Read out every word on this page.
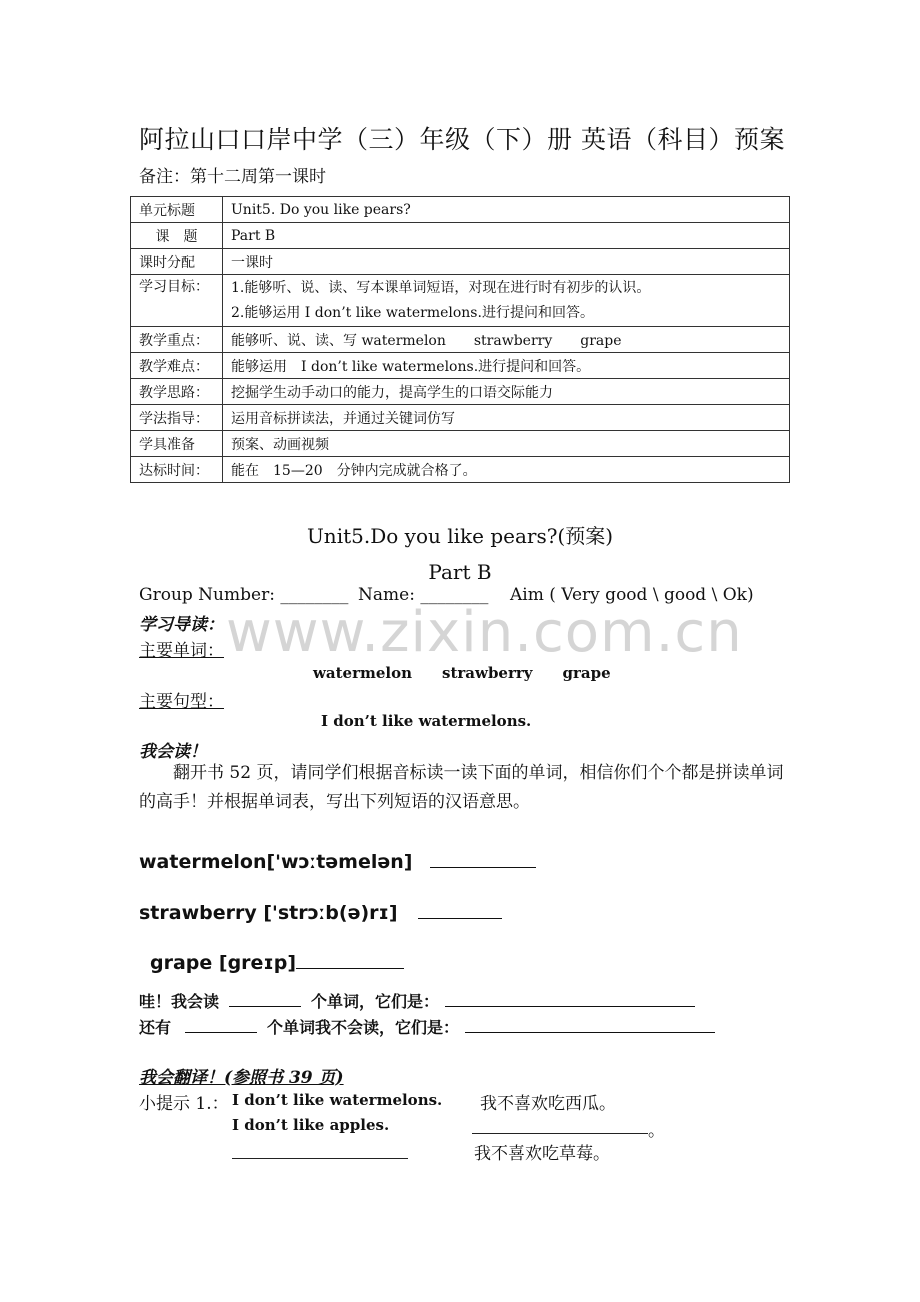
阿拉山口口岸中学（三）年级（下）册 英语（科目）预案
备注：第十二周第一课时
单元标题	Unit5. Do you like pears?
课　题	Part B
课时分配	一课时
学习目标：	1.能够听、说、读、写本课单词短语，对现在进行时有初步的认识。
2.能够运用 I don’t like watermelons.进行提问和回答。

教学重点：	能够听、说、读、写 watermelon　　strawberry　　grape
教学难点：	能够运用　I don’t like watermelons.进行提问和回答。
教学思路：	挖掘学生动手动口的能力，提高学生的口语交际能力
学法指导：	运用音标拼读法，并通过关键词仿写
学具准备	预案、动画视频
达标时间：	能在　15—20　分钟内完成就合格了。
Unit5.Do you like pears?(预案)
Part B
Group Number: ________ Name: ________ Aim ( Very good \ good \ Ok)
www.zixin.com.cn
学习导读：
主要单词：
watermelon　　strawberry　　grape
主要句型：
I don’t like watermelons.
我会读！
翻开书 52 页，请同学们根据音标读一读下面的单词，相信你们个个都是拼读单词的高手！并根据单词表，写出下列短语的汉语意思。
watermelon['wɔːtəmelən]
strawberry ['strɔːb(ə)rɪ]
grape [greɪp]
哇！我会读	个单词，它们是：
还有	个单词我不会读，它们是：
我会翻译！(参照书 39 页)
小提示 1.： I don’t like watermelons. 我不喜欢吃西瓜。
I don’t like apples.	。
我不喜欢吃草莓。
